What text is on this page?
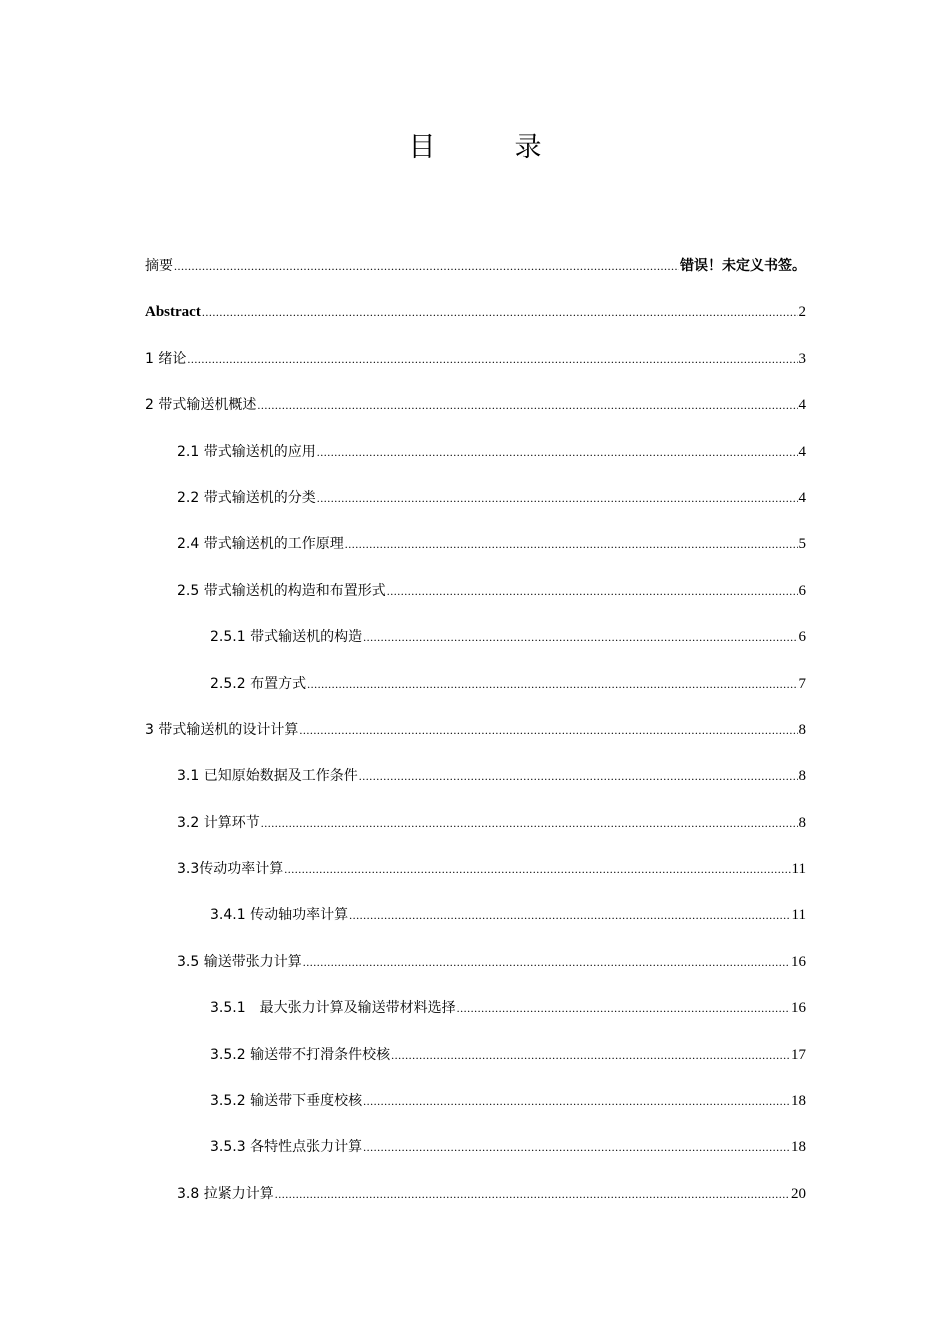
目　录
摘要 .....	错误！未定义书签。
Abstract .....	2
1 绪论 .....	3
2 带式输送机概述 .....	4
2.1 带式输送机的应用 .....	4
2.2 带式输送机的分类 .....	4
2.4 带式输送机的工作原理 .....	5
2.5 带式输送机的构造和布置形式 .....	6
2.5.1 带式输送机的构造 .....	6
2.5.2 布置方式 .....	7
3 带式输送机的设计计算 .....	8
3.1 已知原始数据及工作条件 .....	8
3.2 计算环节 .....	8
3.3传动功率计算 .....	11
3.4.1 传动轴功率计算 .....	11
3.5 输送带张力计算 .....	16
3.5.1　最大张力计算及输送带材料选择 .....	16
3.5.2 输送带不打滑条件校核 .....	17
3.5.2 输送带下垂度校核 .....	18
3.5.3 各特性点张力计算 .....	18
3.8 拉紧力计算 .....	20
